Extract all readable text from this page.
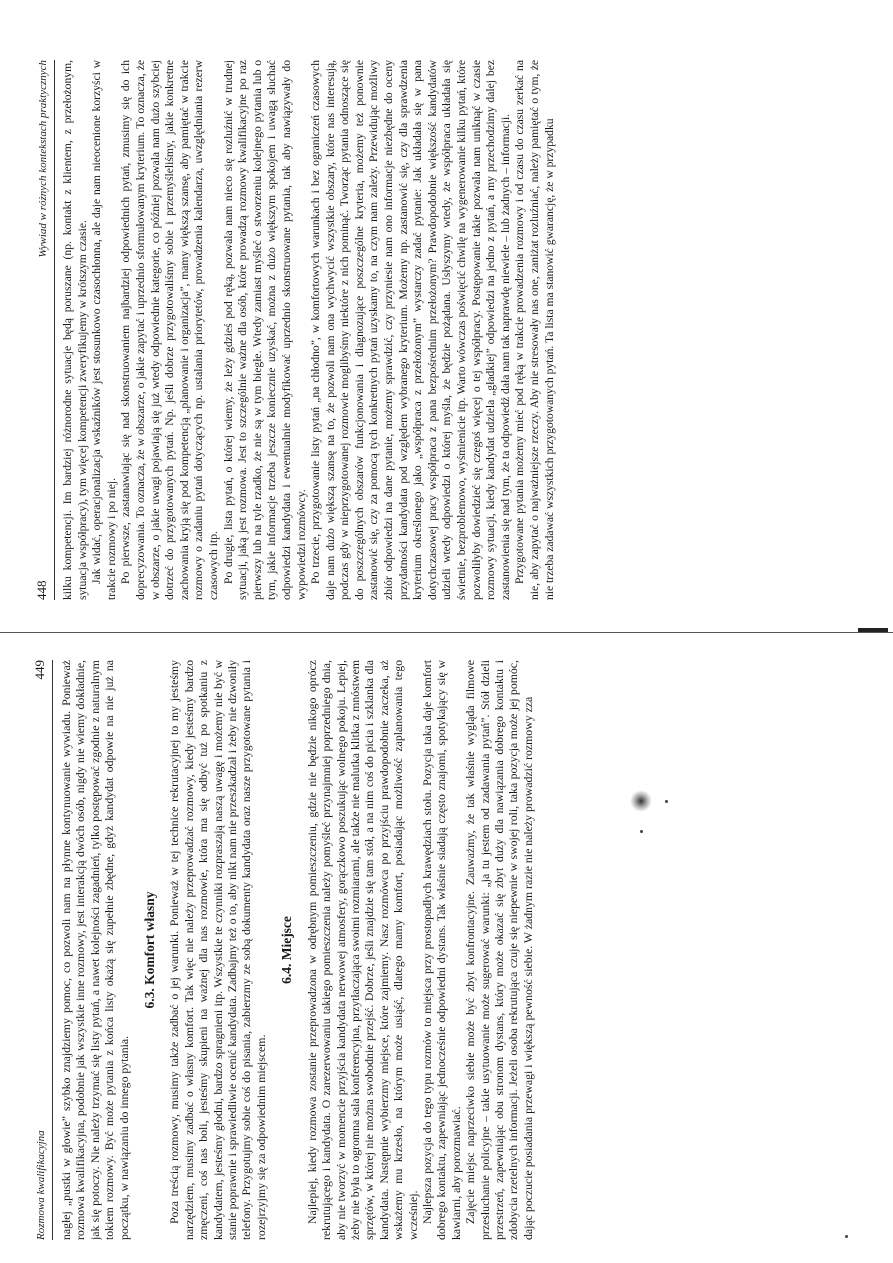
448
Wywiad w różnych kontekstach praktycznych kilku kompetencji. Im bardziej różnorodne sytuacje będą poruszane (np. kontakt z klientem, z przełożonym, sytuacja współpracy), tym więcej kompetencji zweryfikujemy w krótszym czasie. Jak widać, operacjonalizacja wskaźników jest stosunkowo czasochłonna, ale daje nam nieocenione korzyści w trakcie rozmowy i po niej. Po pierwsze, zastanawiając się nad skonstruowaniem najbardziej odpowiednich pytań, zmusimy się do ich doprecyzowania. To oznacza, że w obszarze, o jakie zapytać i uprzednio sformułowanym kryterium. To oznacza, że w obszarze, o jakie uwagi pojawiają się już wtedy odpowiednie kategorie, co później pozwala nam dużo szybciej dotrzeć do przygotowanych pytań. Np. jeśli dobrze przygotowaliśmy sobie i przemyśleliśmy, jakie konkretne zachowania kryją się pod kompetencją „planowanie i organizacja”, mamy większą szansę, aby pamiętać w trakcie rozmowy o zadaniu pytań dotyczących np. ustalania priorytetów, prowadzenia kalendarza, uwzględniania rezerw czasowych itp. Po drugie, lista pytań, o której wiemy, że leży gdzieś pod ręką, pozwala nam nieco się rozluźnić w trudnej sytuacji, jaką jest rozmowa. Jest to szczególnie ważne dla osób, które prowadzą rozmowy kwalifikacyjne po raz pierwszy lub na tyle rzadko, że nie są w tym biegłe. Wtedy zamiast myśleć o stworzeniu kolejnego pytania lub o tym, jakie informacje trzeba jeszcze koniecznie uzyskać, można z dużo większym spokojem i uwagą słuchać odpowiedzi kandydata i ewentualnie modyfikować uprzednio skonstruowane pytania, tak aby nawiązywały do wypowiedzi rozmówcy. Po trzecie, przygotowanie listy pytań „na chłodno”, w komfortowych warunkach i bez ograniczeń czasowych daje nam dużo większą szansę na to, że pozwoli nam ona wychwycić wszystkie obszary, które nas interesują, podczas gdy w nieprzygotowanej rozmowie moglibyśmy niektóre z nich pominąć. Tworząc pytania odnoszące się do poszczególnych obszarów funkcjonowania i diagnozujące poszczególne kryteria, możemy też ponownie zastanowić się, czy za pomocą tych konkretnych pytań uzyskamy to, na czym nam zależy. Przewidując możliwy zbiór odpowiedzi na dane pytanie, możemy sprawdzić, czy przyniesie nam ono informacje niezbędne do oceny przydatności kandydata pod względem wybranego kryterium. Możemy np. zastanowić się, czy dla sprawdzenia kryterium określonego jako „współpraca z przełożonym” wystarczy zadać pytanie: Jak układała się w pana dotychczasowej pracy współpraca z pana bezpośrednim przełożonym? Prawdopodobnie większość kandydatów udzieli wtedy odpowiedzi o której myśla, że będzie pożądana. Usłyszymy wtedy, że współpraca układała się świetnie, bezproblemowo, wyśmienicie itp. Warto wówczas poświęcić chwilę na wygenerowanie kilku pytań, które pozwoliłyby dowiedzieć się czegoś więcej o tej współpracy. Postępowanie takie pozwala nam uniknąć w czasie rozmowy sytuacji, kiedy kandydat udziela „gładkiej” odpowiedzi na jedno z pytań, a my przechodzimy dalej bez zastanowienia się nad tym, że ta odpowiedź dała nam tak naprawdę niewiele – lub żadnych – informacji. Przygotowane pytania możemy mieć pod ręką w trakcie prowadzenia rozmowy i od czasu do czasu zerkać na nie, aby zapytać o najważniejsze rzeczy. Aby nie stresowały nas one, zaniżat rozluźniać, należy pamiętać o tym, że nie trzeba zadawać wszystkich przygotowanych pytań. Ta lista ma stanowić gwarancję, że w przypadku

Rozmowa kwalifikacyjna
449 nagłej „pustki w głowie” szybko znajdziemy pomoc, co pozwoli nam na płynne kontynuowanie wywiadu. Ponieważ rozmowa kwalifikacyjna, podobnie jak wszystkie inne rozmowy, jest interakcją dwóch osób, nigdy nie wiemy dokładnie, jak się potoczy. Nie należy trzymać się listy pytań, a nawet kolejności zagadnień, tylko postępować zgodnie z naturalnym tokiem rozmowy. Być może pytania z końca listy okażą się zupełnie zbędne, gdyż kandydat odpowie na nie już na początku, w nawiązaniu do innego pytania.

6.3. Komfort własny Poza treścią rozmowy, musimy także zadbać o jej warunki. Ponieważ w tej technice rekrutacyjnej to my jesteśmy narzędziem, musimy zadbać o własny komfort. Tak więc nie należy przeprowadzać rozmowy, kiedy jesteśmy bardzo zmęczeni, coś nas boli, jesteśmy skupieni na ważnej dla nas rozmowie, która ma się odbyć tuż po spotkaniu z kandydatem, jesteśmy głodni, bardzo spragnieni itp. Wszystkie te czynniki rozpraszają naszą uwagę i możemy nie być w stanie poprawnie i sprawiedliwie ocenić kandydata. Zadbajmy też o to, aby nikt nam nie przeszkadzał i żeby nie dzwoniły telefony. Przygotujmy sobie coś do pisania, zabierzmy ze sobą dokumenty kandydata oraz nasze przygotowane pytania i rozejrzyjmy się za odpowiednim miejscem.

6.4. Miejsce Najlepiej, kiedy rozmowa zostanie przeprowadzona w odrębnym pomieszczeniu, gdzie nie będzie nikogo oprócz rekrutującego i kandydata. O zarezerwowaniu takiego pomieszczenia należy pomyśleć przynajmniej poprzedniego dnia, aby nie tworzyć w momencie przyjścia kandydata nerwowej atmosfery, gorączkowo poszukując wolnego pokoju. Lepiej, żeby nie była to ogromna sala konferencyjna, przytłaczająca swoimi rozmiarami, ale także nie malutka klitka z mnóstwem sprzętów, w której nie można swobodnie przejść. Dobrze, jeśli znajdzie się tam stół, a na nim coś do picia i szklanka dla kandydata. Następnie wybierzmy miejsce, które zajmiemy. Nasz rozmówca po przyjściu prawdopodobnie zaczeka, aż wskażemy mu krzesło, na którym może usiąść, dlatego mamy komfort, posiadając możliwość zaplanowania tego wcześniej. Najlepsza pozycja do tego typu rozmów to miejsca przy prostopadłych krawędziach stołu. Pozycja taka daje komfort dobrego kontaktu, zapewniając jednocześnie odpowiedni dystans. Tak właśnie siadają często znajomi, spotykający się w kawiarni, aby porozmawiać. Zajęcie miejsc naprzeciwko siebie może być zbyt konfrontacyjne. Zauważmy, że tak właśnie wygląda filmowe przesłuchanie policyjne – takie usytuowanie może sugerować warunki: „ja tu jestem od zadawania pytań”. Stół dzieli przestrzeń, zapewniając obu stronom dystans, który może okazać się zbyt duży dla nawiązania dobrego kontaktu i zdobycia rzetelnych informacji. Jeżeli osoba rekrutująca czuje się niepewnie w swojej roli, taka pozycja może jej pomóc, dając poczucie posiadania przewagi i większą pewność siebie. W żadnym razie nie należy prowadzić rozmowy zza
